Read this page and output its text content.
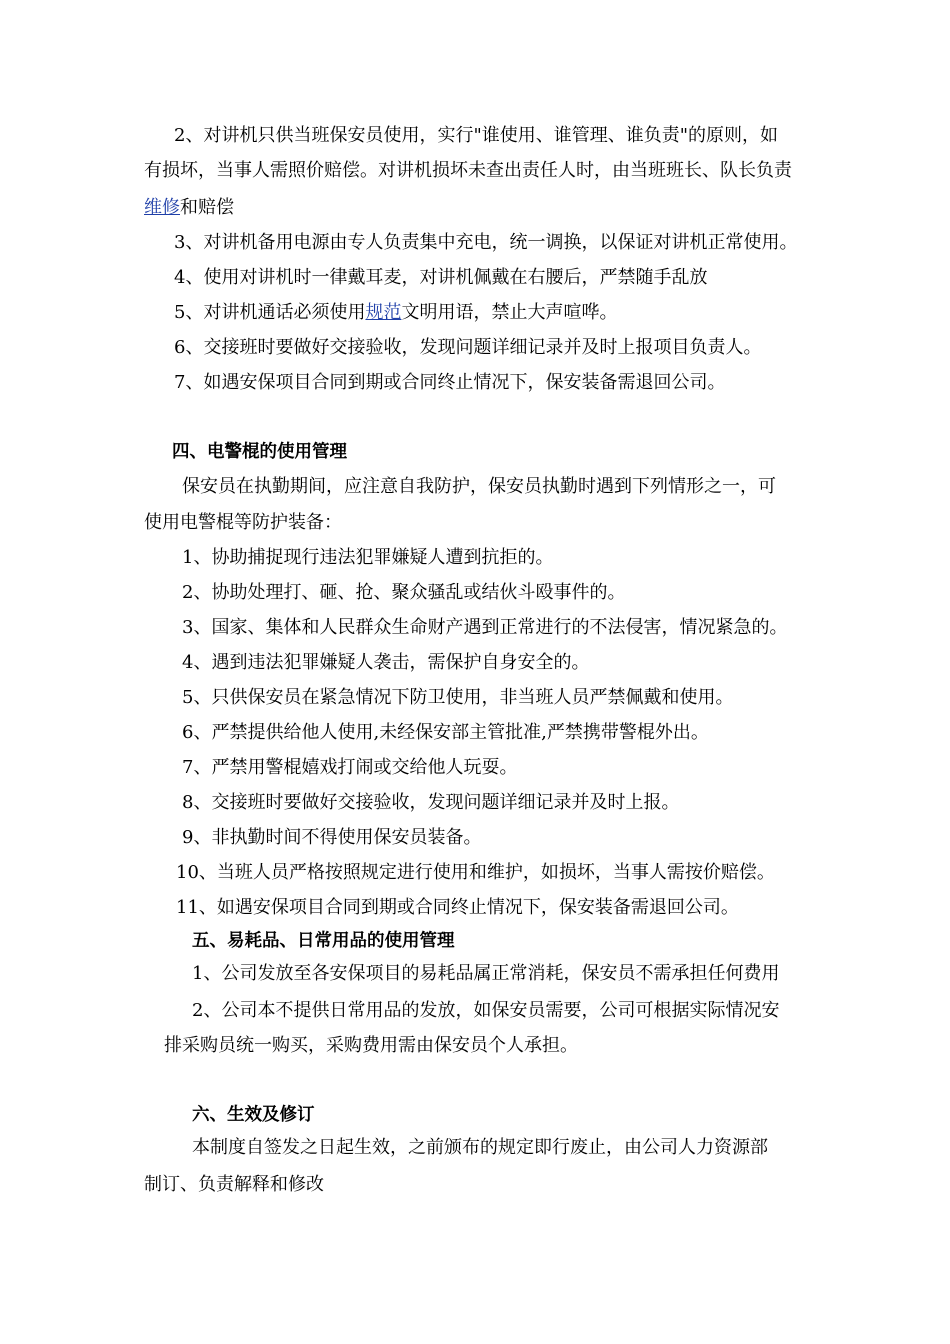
2、对讲机只供当班保安员使用，实行"谁使用、谁管理、谁负责"的原则，如
有损坏，当事人需照价赔偿。对讲机损坏未查出责任人时，由当班班长、队长负责
维修和赔偿
3、对讲机备用电源由专人负责集中充电，统一调换，以保证对讲机正常使用。
4、使用对讲机时一律戴耳麦，对讲机佩戴在右腰后，严禁随手乱放
5、对讲机通话必须使用规范文明用语，禁止大声喧哗。
6、交接班时要做好交接验收，发现问题详细记录并及时上报项目负责人。
7、如遇安保项目合同到期或合同终止情况下，保安装备需退回公司。
四、电警棍的使用管理
保安员在执勤期间，应注意自我防护，保安员执勤时遇到下列情形之一，可
使用电警棍等防护装备：
1、协助捕捉现行违法犯罪嫌疑人遭到抗拒的。
2、协助处理打、砸、抢、聚众骚乱或结伙斗殴事件的。
3、国家、集体和人民群众生命财产遇到正常进行的不法侵害，情况紧急的。
4、遇到违法犯罪嫌疑人袭击，需保护自身安全的。
5、只供保安员在紧急情况下防卫使用，非当班人员严禁佩戴和使用。
6、严禁提供给他人使用,未经保安部主管批准,严禁携带警棍外出。
7、严禁用警棍嬉戏打闹或交给他人玩耍。
8、交接班时要做好交接验收，发现问题详细记录并及时上报。
9、非执勤时间不得使用保安员装备。
10、当班人员严格按照规定进行使用和维护，如损坏，当事人需按价赔偿。
11、如遇安保项目合同到期或合同终止情况下，保安装备需退回公司。
五、易耗品、日常用品的使用管理
1、公司发放至各安保项目的易耗品属正常消耗，保安员不需承担任何费用
2、公司本不提供日常用品的发放，如保安员需要，公司可根据实际情况安
排采购员统一购买，采购费用需由保安员个人承担。
六、生效及修订
本制度自签发之日起生效，之前颁布的规定即行废止，由公司人力资源部
制订、负责解释和修改
